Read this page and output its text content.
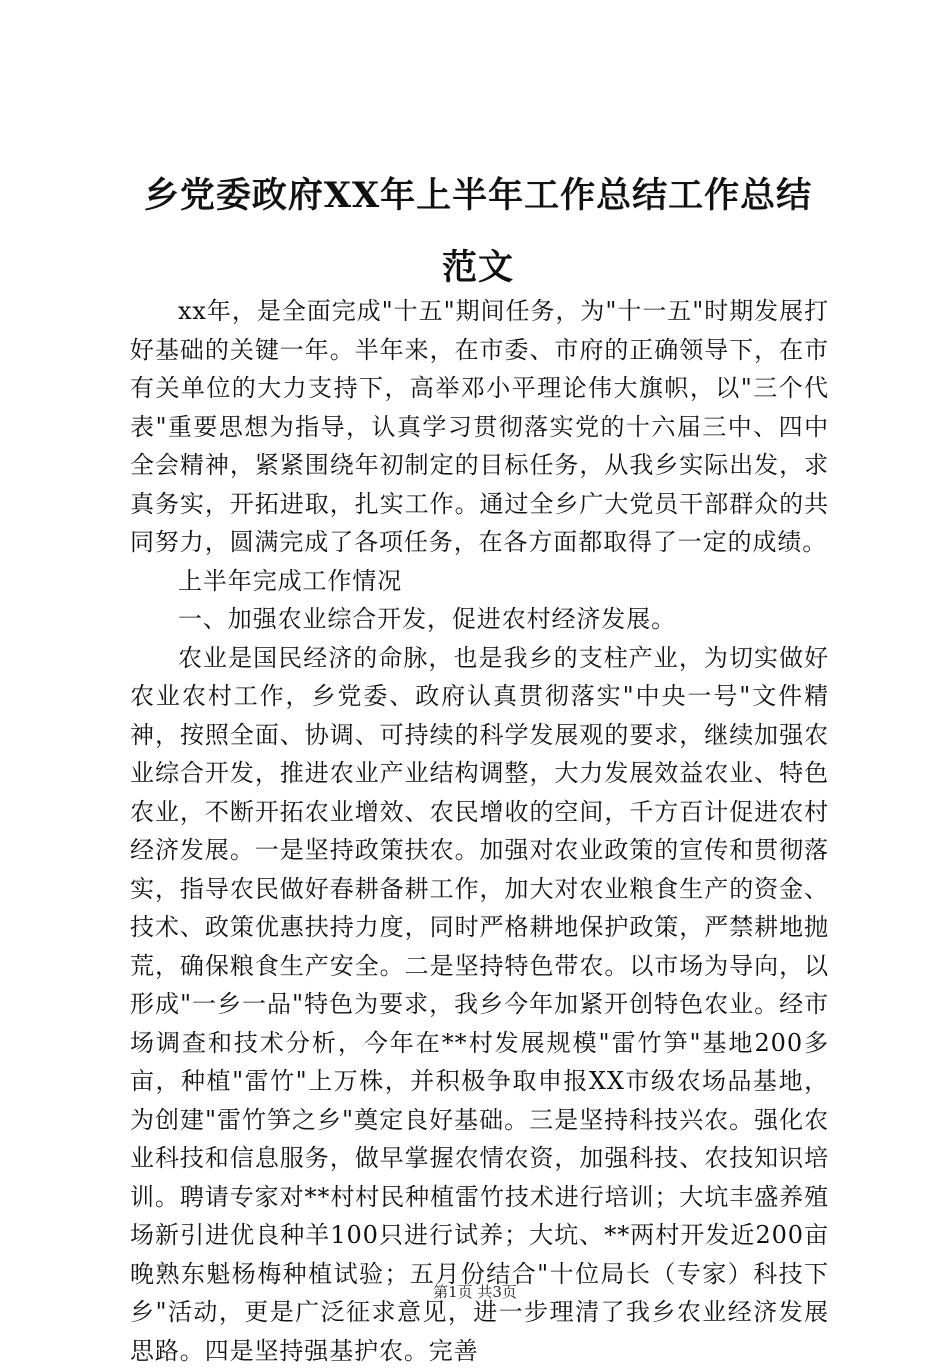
乡党委政府XX年上半年工作总结工作总结范文

xx年，是全面完成"十五"期间任务，为"十一五"时期发展打好基础的关键一年。半年来，在市委、市府的正确领导下，在市有关单位的大力支持下，高举邓小平理论伟大旗帜，以"三个代表"重要思想为指导，认真学习贯彻落实党的十六届三中、四中全会精神，紧紧围绕年初制定的目标任务，从我乡实际出发，求真务实，开拓进取，扎实工作。通过全乡广大党员干部群众的共同努力，圆满完成了各项任务，在各方面都取得了一定的成绩。

上半年完成工作情况

一、加强农业综合开发，促进农村经济发展。

农业是国民经济的命脉，也是我乡的支柱产业，为切实做好农业农村工作，乡党委、政府认真贯彻落实"中央一号"文件精神，按照全面、协调、可持续的科学发展观的要求，继续加强农业综合开发，推进农业产业结构调整，大力发展效益农业、特色农业，不断开拓农业增效、农民增收的空间，千方百计促进农村经济发展。一是坚持政策扶农。加强对农业政策的宣传和贯彻落实，指导农民做好春耕备耕工作，加大对农业粮食生产的资金、技术、政策优惠扶持力度，同时严格耕地保护政策，严禁耕地抛荒，确保粮食生产安全。二是坚持特色带农。以市场为导向，以形成"一乡一品"特色为要求，我乡今年加紧开创特色农业。经市场调查和技术分析，今年在**村发展规模"雷竹笋"基地200多亩，种植"雷竹"上万株，并积极争取申报XX市级农场品基地，为创建"雷竹笋之乡"奠定良好基础。三是坚持科技兴农。强化农业科技和信息服务，做早掌握农情农资，加强科技、农技知识培训。聘请专家对**村村民种植雷竹技术进行培训；大坑丰盛养殖场新引进优良种羊100只进行试养；大坑、**两村开发近200亩晚熟东魁杨梅种植试验；五月份结合"十位局长（专家）科技下乡"活动，更是广泛征求意见，进一步理清了我乡农业经济发展思路。四是坚持强基护农。完善

第1页 共3页
